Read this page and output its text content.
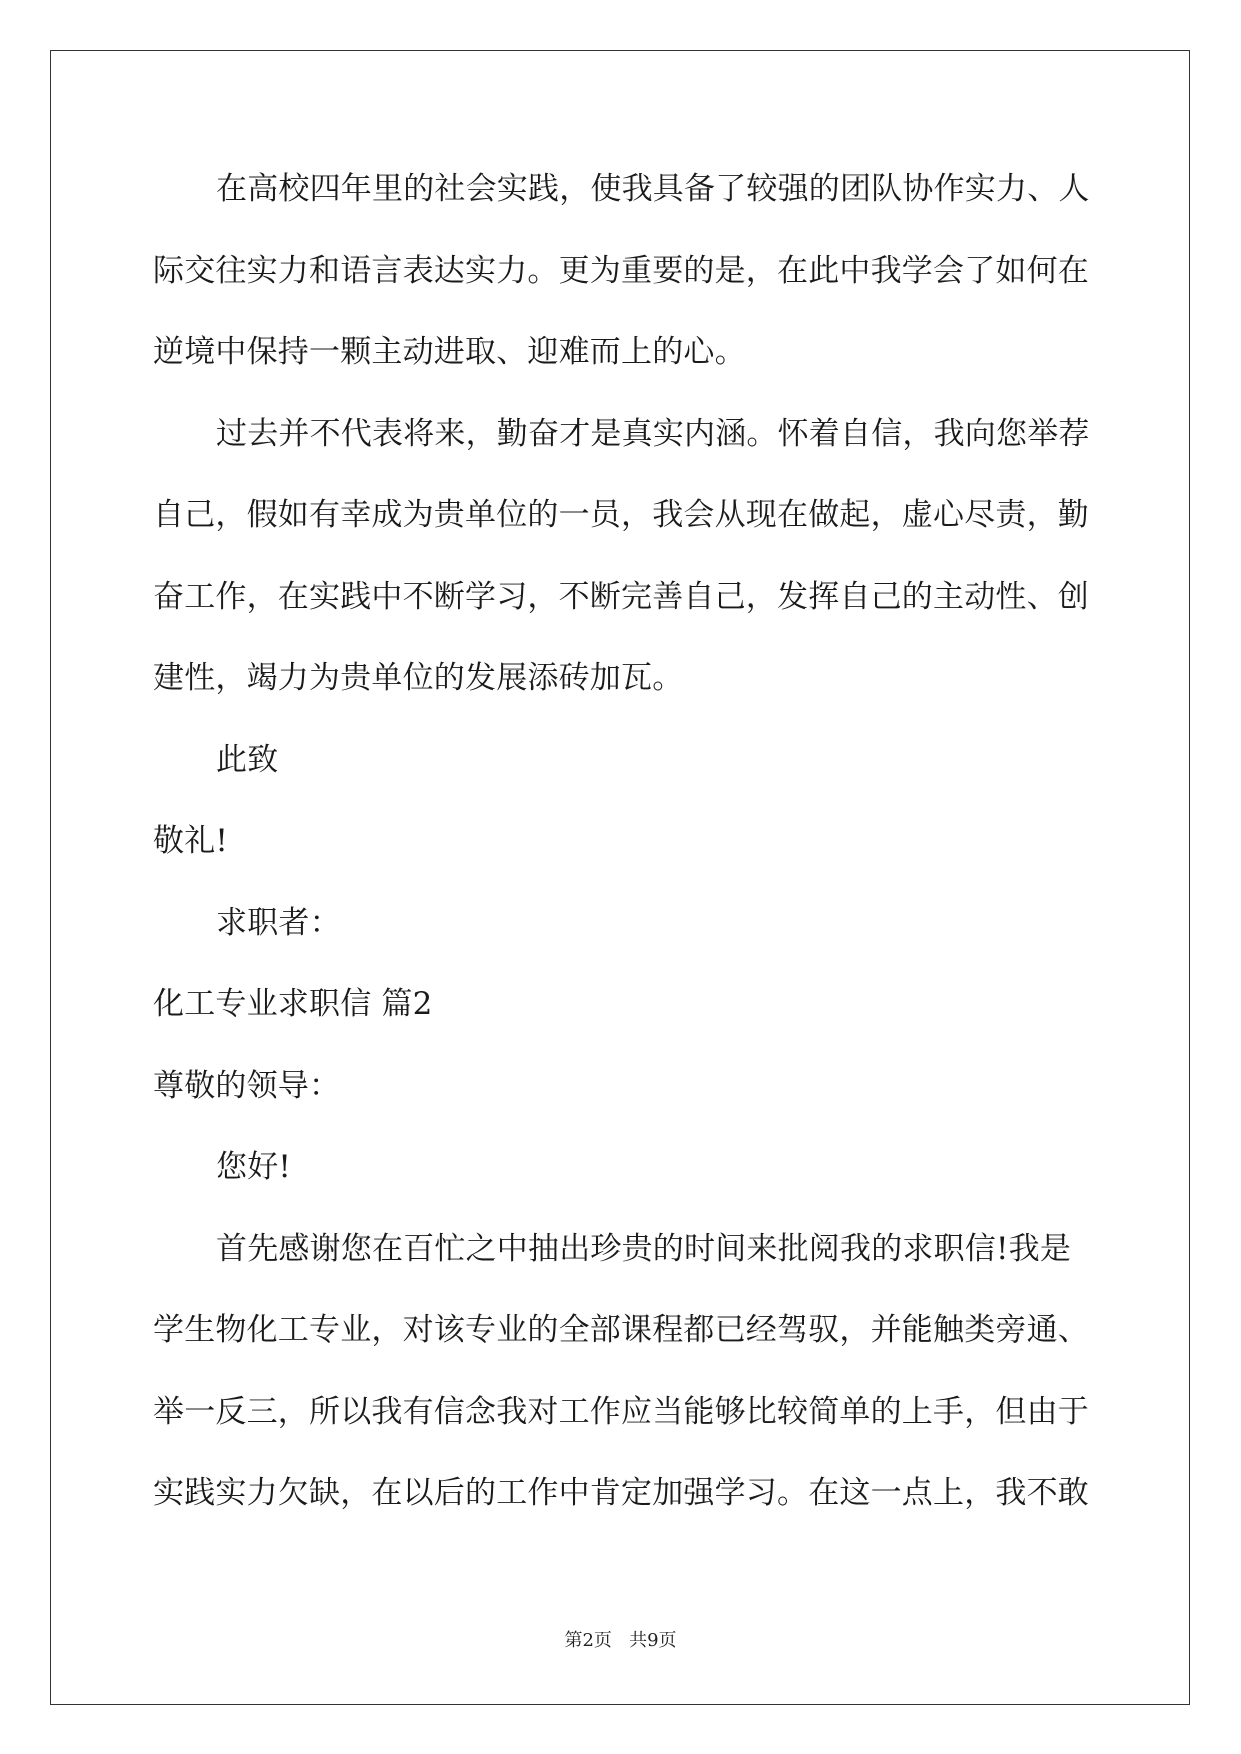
在高校四年里的社会实践，使我具备了较强的团队协作实力、人
际交往实力和语言表达实力。更为重要的是，在此中我学会了如何在
逆境中保持一颗主动进取、迎难而上的心。
过去并不代表将来，勤奋才是真实内涵。怀着自信，我向您举荐
自己，假如有幸成为贵单位的一员，我会从现在做起，虚心尽责，勤
奋工作，在实践中不断学习，不断完善自己，发挥自己的主动性、创
建性，竭力为贵单位的发展添砖加瓦。
此致
敬礼!
求职者：
化工专业求职信 篇2
尊敬的领导：
您好!
首先感谢您在百忙之中抽出珍贵的时间来批阅我的求职信!我是
学生物化工专业，对该专业的全部课程都已经驾驭，并能触类旁通、
举一反三，所以我有信念我对工作应当能够比较简单的上手，但由于
实践实力欠缺，在以后的工作中肯定加强学习。在这一点上，我不敢
第2页   共9页
